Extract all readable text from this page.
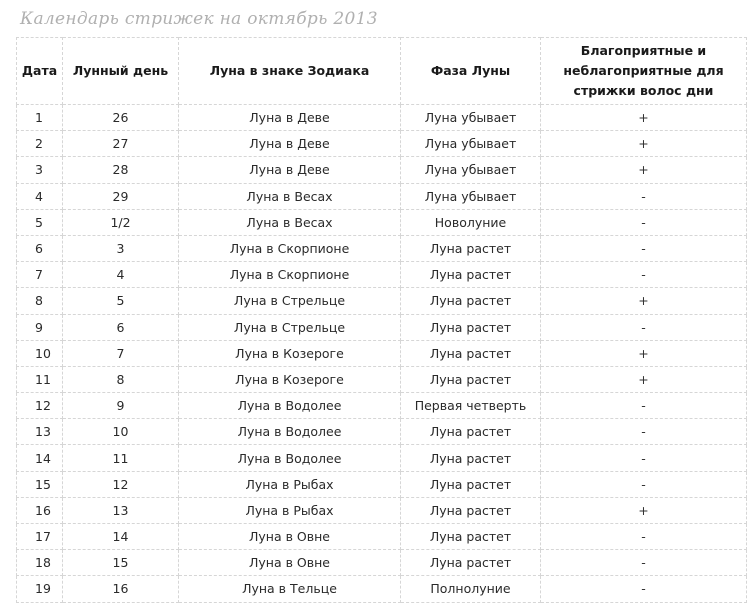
Календарь стрижек на октябрь 2013
Дата	Лунный день	Луна в знаке Зодиака	Фаза Луны	Благоприятные и неблагоприятные для стрижки волос дни
1	26	Луна в Деве	Луна убывает	+
2	27	Луна в Деве	Луна убывает	+
3	28	Луна в Деве	Луна убывает	+
4	29	Луна в Весах	Луна убывает	-
5	1/2	Луна в Весах	Новолуние	-
6	3	Луна в Скорпионе	Луна растет	-
7	4	Луна в Скорпионе	Луна растет	-
8	5	Луна в Стрельце	Луна растет	+
9	6	Луна в Стрельце	Луна растет	-
10	7	Луна в Козероге	Луна растет	+
11	8	Луна в Козероге	Луна растет	+
12	9	Луна в Водолее	Первая четверть	-
13	10	Луна в Водолее	Луна растет	-
14	11	Луна в Водолее	Луна растет	-
15	12	Луна в Рыбах	Луна растет	-
16	13	Луна в Рыбах	Луна растет	+
17	14	Луна в Овне	Луна растет	-
18	15	Луна в Овне	Луна растет	-
19	16	Луна в Тельце	Полнолуние	-
